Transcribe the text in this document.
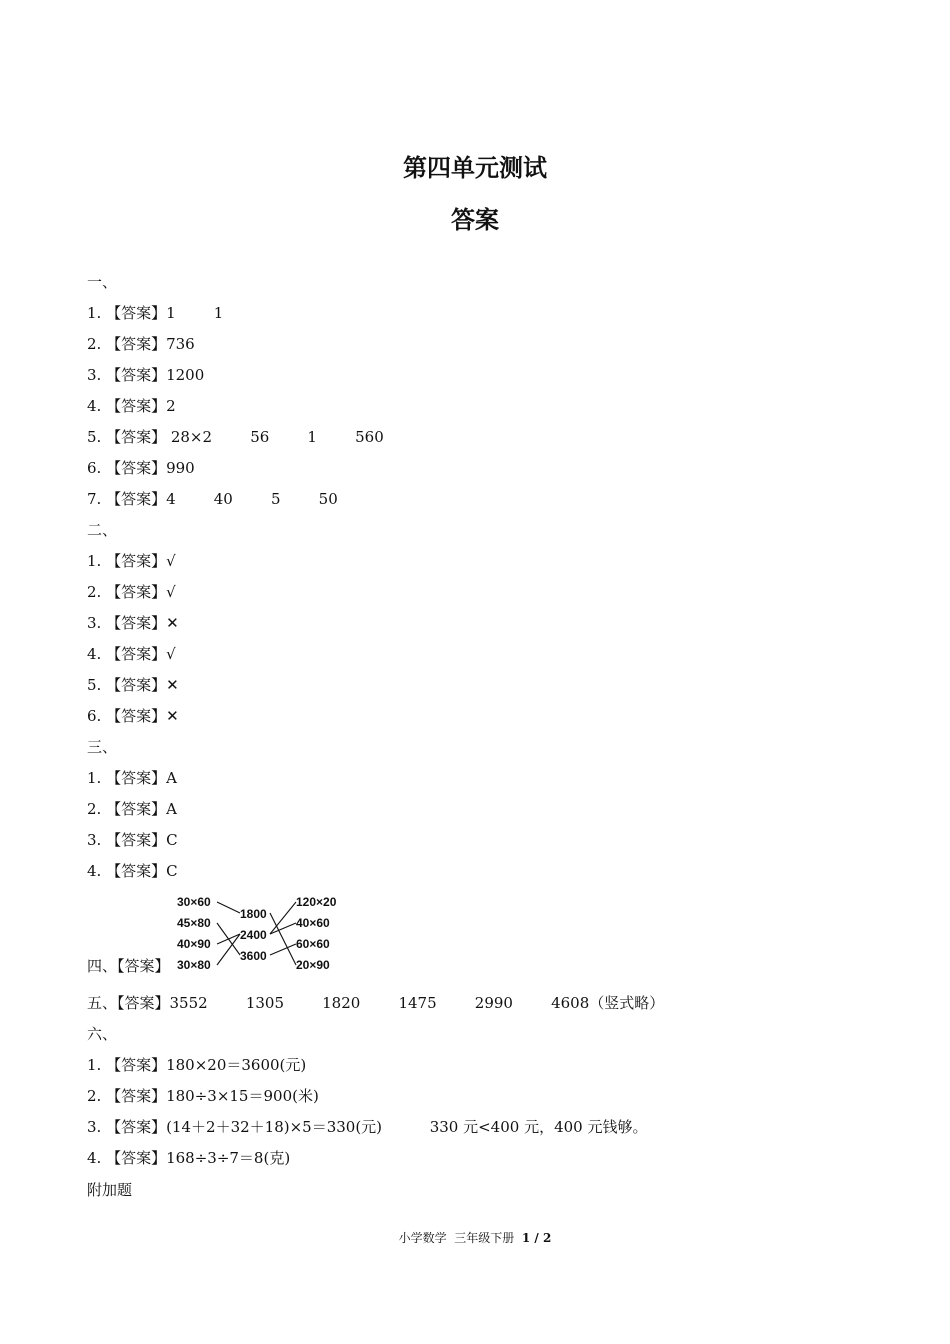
第四单元测试
答案
一、
1. 【答案】1        1
2. 【答案】736
3. 【答案】1200
4. 【答案】2
5. 【答案】 28×2        56        1        560
6. 【答案】990
7. 【答案】4        40        5        50
二、
1. 【答案】√
2. 【答案】√
3. 【答案】✕
4. 【答案】√
5. 【答案】✕
6. 【答案】✕
三、
1. 【答案】A
2. 【答案】A
3. 【答案】C
4. 【答案】C
四、【答案】
30×60
45×80
40×90
30×80
1800
2400
3600
120×20
40×60
60×60
20×90
五、【答案】3552        1305        1820        1475        2990        4608（竖式略）
六、
1. 【答案】180×20＝3600(元)
2. 【答案】180÷3×15＝900(米)
3. 【答案】(14＋2＋32＋18)×5＝330(元)          330 元<400 元，400 元钱够。
4. 【答案】168÷3÷7＝8(克)
附加题
小学数学  三年级下册  1 / 2
